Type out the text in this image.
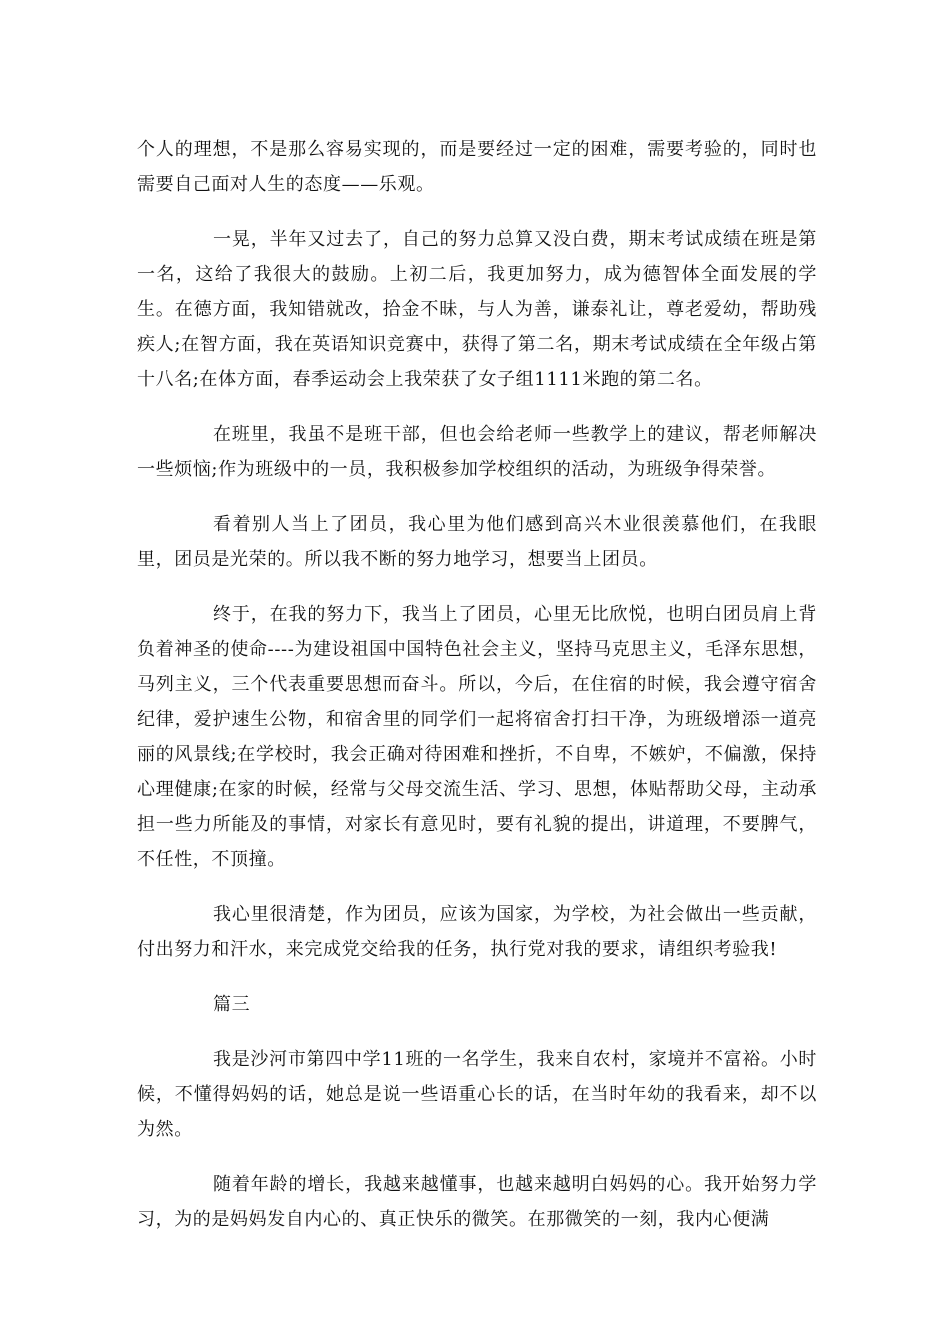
个人的理想，不是那么容易实现的，而是要经过一定的困难，需要考验的，同时也需要自己面对人生的态度——乐观。

一晃，半年又过去了，自己的努力总算又没白费，期末考试成绩在班是第一名，这给了我很大的鼓励。上初二后，我更加努力，成为德智体全面发展的学生。在德方面，我知错就改，拾金不昧，与人为善，谦泰礼让，尊老爱幼，帮助残疾人;在智方面，我在英语知识竞赛中，获得了第二名，期末考试成绩在全年级占第十八名;在体方面，春季运动会上我荣获了女子组1111米跑的第二名。

在班里，我虽不是班干部，但也会给老师一些教学上的建议，帮老师解决一些烦恼;作为班级中的一员，我积极参加学校组织的活动，为班级争得荣誉。

看着别人当上了团员，我心里为他们感到高兴木业很羡慕他们，在我眼里，团员是光荣的。所以我不断的努力地学习，想要当上团员。

终于，在我的努力下，我当上了团员，心里无比欣悦，也明白团员肩上背负着神圣的使命----为建设祖国中国特色社会主义，坚持马克思主义，毛泽东思想，马列主义，三个代表重要思想而奋斗。所以，今后，在住宿的时候，我会遵守宿舍纪律，爱护速生公物，和宿舍里的同学们一起将宿舍打扫干净，为班级增添一道亮丽的风景线;在学校时，我会正确对待困难和挫折，不自卑，不嫉妒，不偏激，保持心理健康;在家的时候，经常与父母交流生活、学习、思想，体贴帮助父母，主动承担一些力所能及的事情，对家长有意见时，要有礼貌的提出，讲道理，不要脾气，不任性，不顶撞。

我心里很清楚，作为团员，应该为国家，为学校，为社会做出一些贡献，付出努力和汗水，来完成党交给我的任务，执行党对我的要求，请组织考验我!

篇三

我是沙河市第四中学11班的一名学生，我来自农村，家境并不富裕。小时候，不懂得妈妈的话，她总是说一些语重心长的话，在当时年幼的我看来，却不以为然。

随着年龄的增长，我越来越懂事，也越来越明白妈妈的心。我开始努力学习，为的是妈妈发自内心的、真正快乐的微笑。在那微笑的一刻，我内心便满
